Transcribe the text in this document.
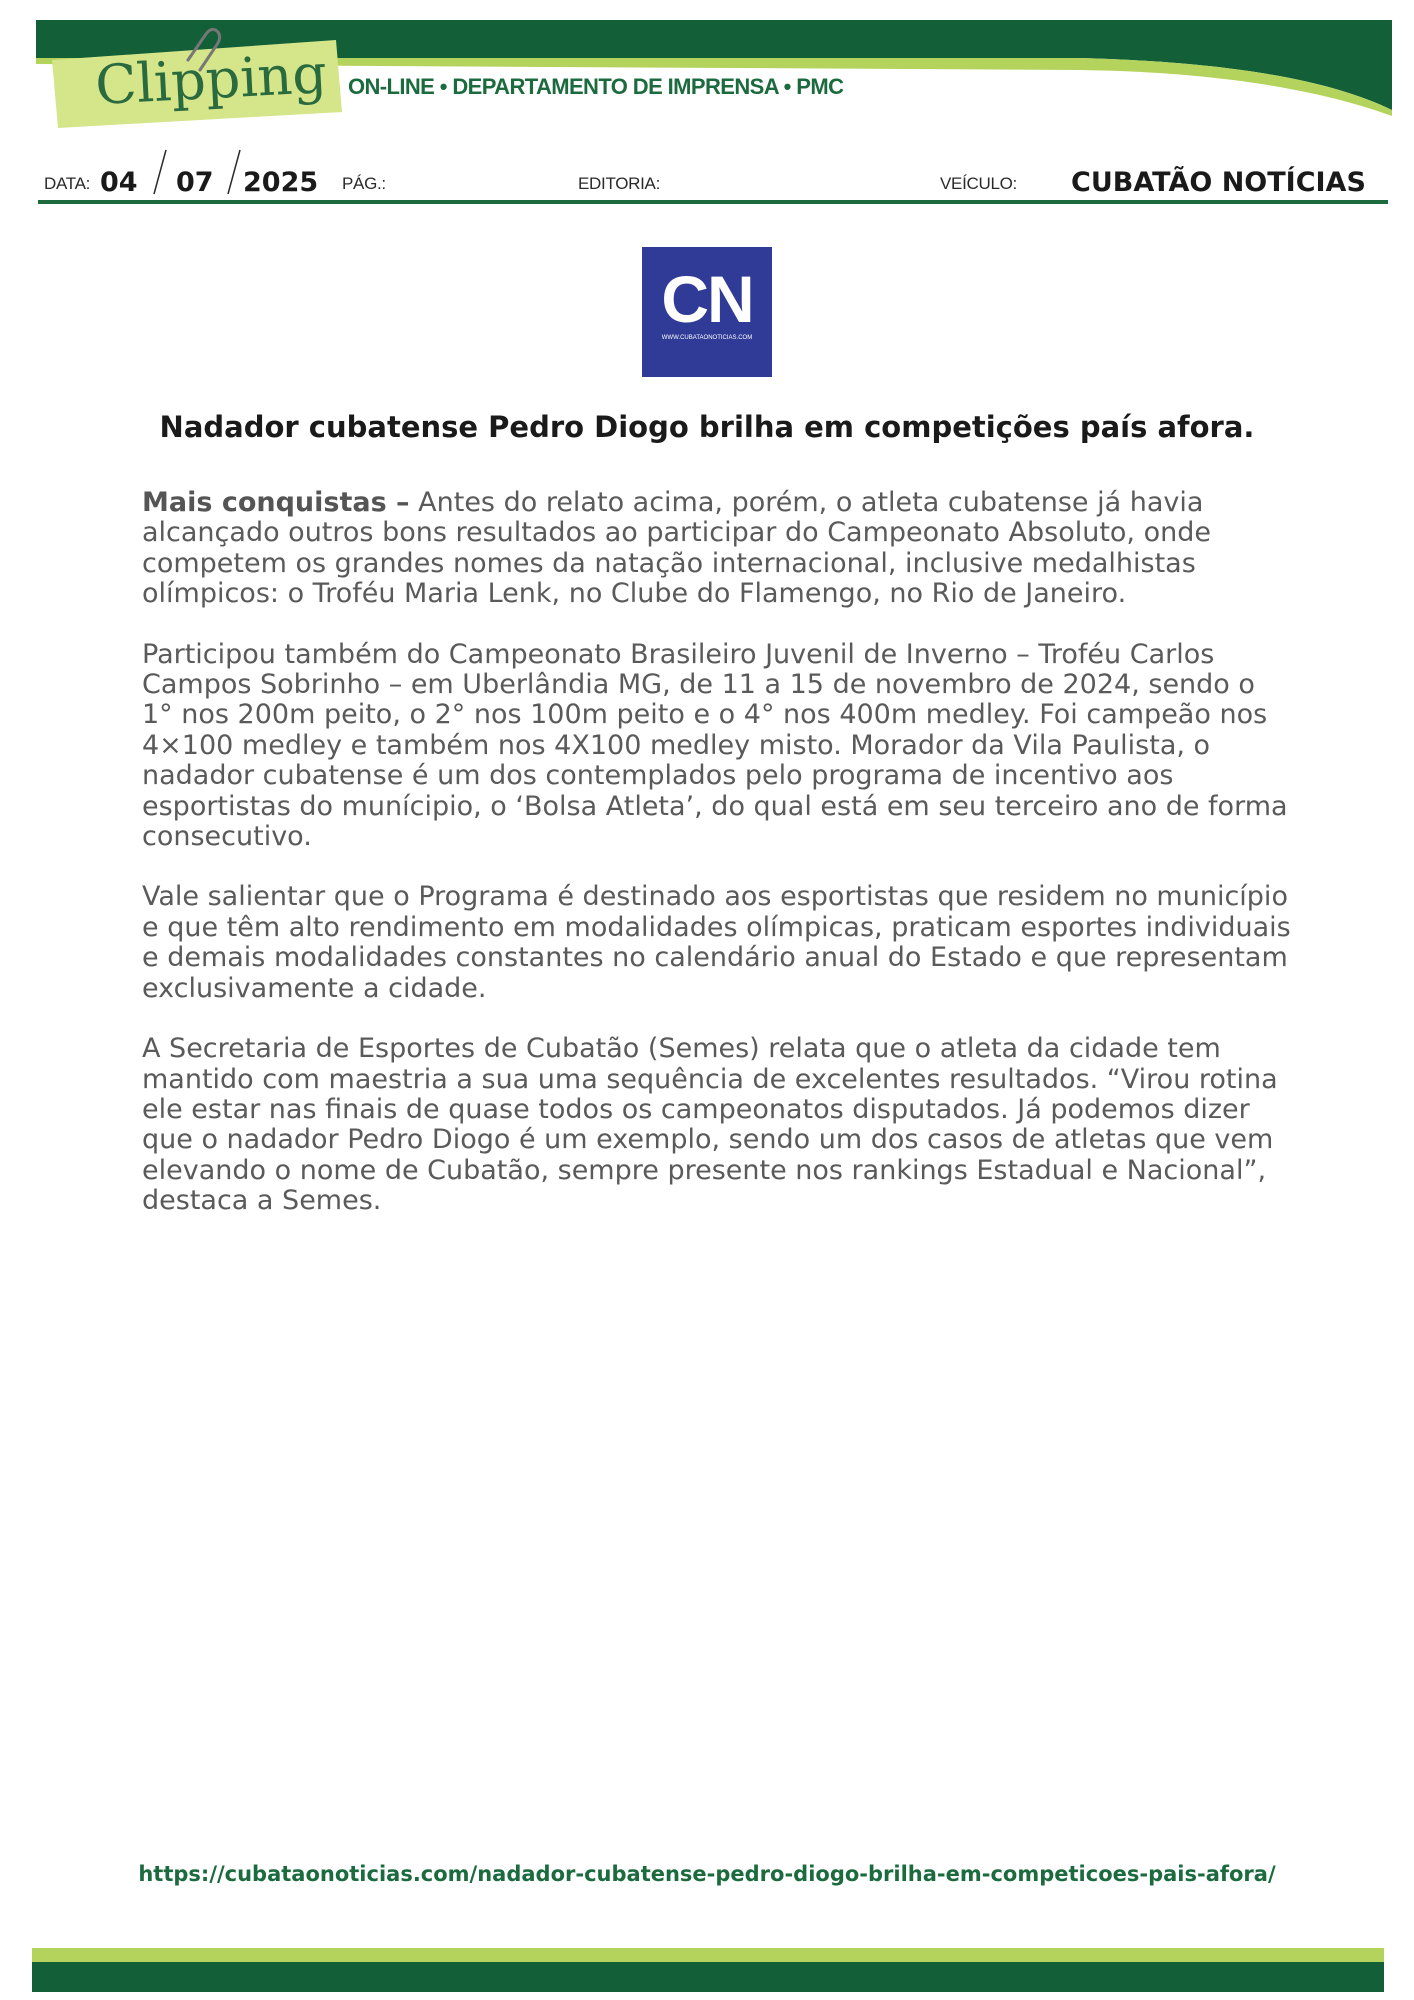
Clipping ON-LINE • DEPARTAMENTO DE IMPRENSA • PMC
DATA: 04 07 2025 PÁG.:	EDITORIA:	VEÍCULO: CUBATÃO NOTÍCIAS
CN
WWW.CUBATAONOTICIAS.COM
Nadador cubatense Pedro Diogo brilha em competições país afora.

Mais conquistas – Antes do relato acima, porém, o atleta cubatense já havia alcançado outros bons resultados ao participar do Campeonato Absoluto, onde competem os grandes nomes da natação internacional, inclusive medalhistas olímpicos: o Troféu Maria Lenk, no Clube do Flamengo, no Rio de Janeiro.

Participou também do Campeonato Brasileiro Juvenil de Inverno – Troféu Carlos Campos Sobrinho – em Uberlândia MG, de 11 a 15 de novembro de 2024, sendo o 1° nos 200m peito, o 2° nos 100m peito e o 4° nos 400m medley. Foi campeão nos 4×100 medley e também nos 4X100 medley misto. Morador da Vila Paulista, o nadador cubatense é um dos contemplados pelo programa de incentivo aos esportistas do munícipio, o ‘Bolsa Atleta’, do qual está em seu terceiro ano de forma consecutivo.

Vale salientar que o Programa é destinado aos esportistas que residem no município e que têm alto rendimento em modalidades olímpicas, praticam esportes individuais e demais modalidades constantes no calendário anual do Estado e que representam exclusivamente a cidade.

A Secretaria de Esportes de Cubatão (Semes) relata que o atleta da cidade tem mantido com maestria a sua uma sequência de excelentes resultados. “Virou rotina ele estar nas finais de quase todos os campeonatos disputados. Já podemos dizer que o nadador Pedro Diogo é um exemplo, sendo um dos casos de atletas que vem elevando o nome de Cubatão, sempre presente nos rankings Estadual e Nacional”, destaca a Semes.

https://cubataonoticias.com/nadador-cubatense-pedro-diogo-brilha-em-competicoes-pais-afora/
